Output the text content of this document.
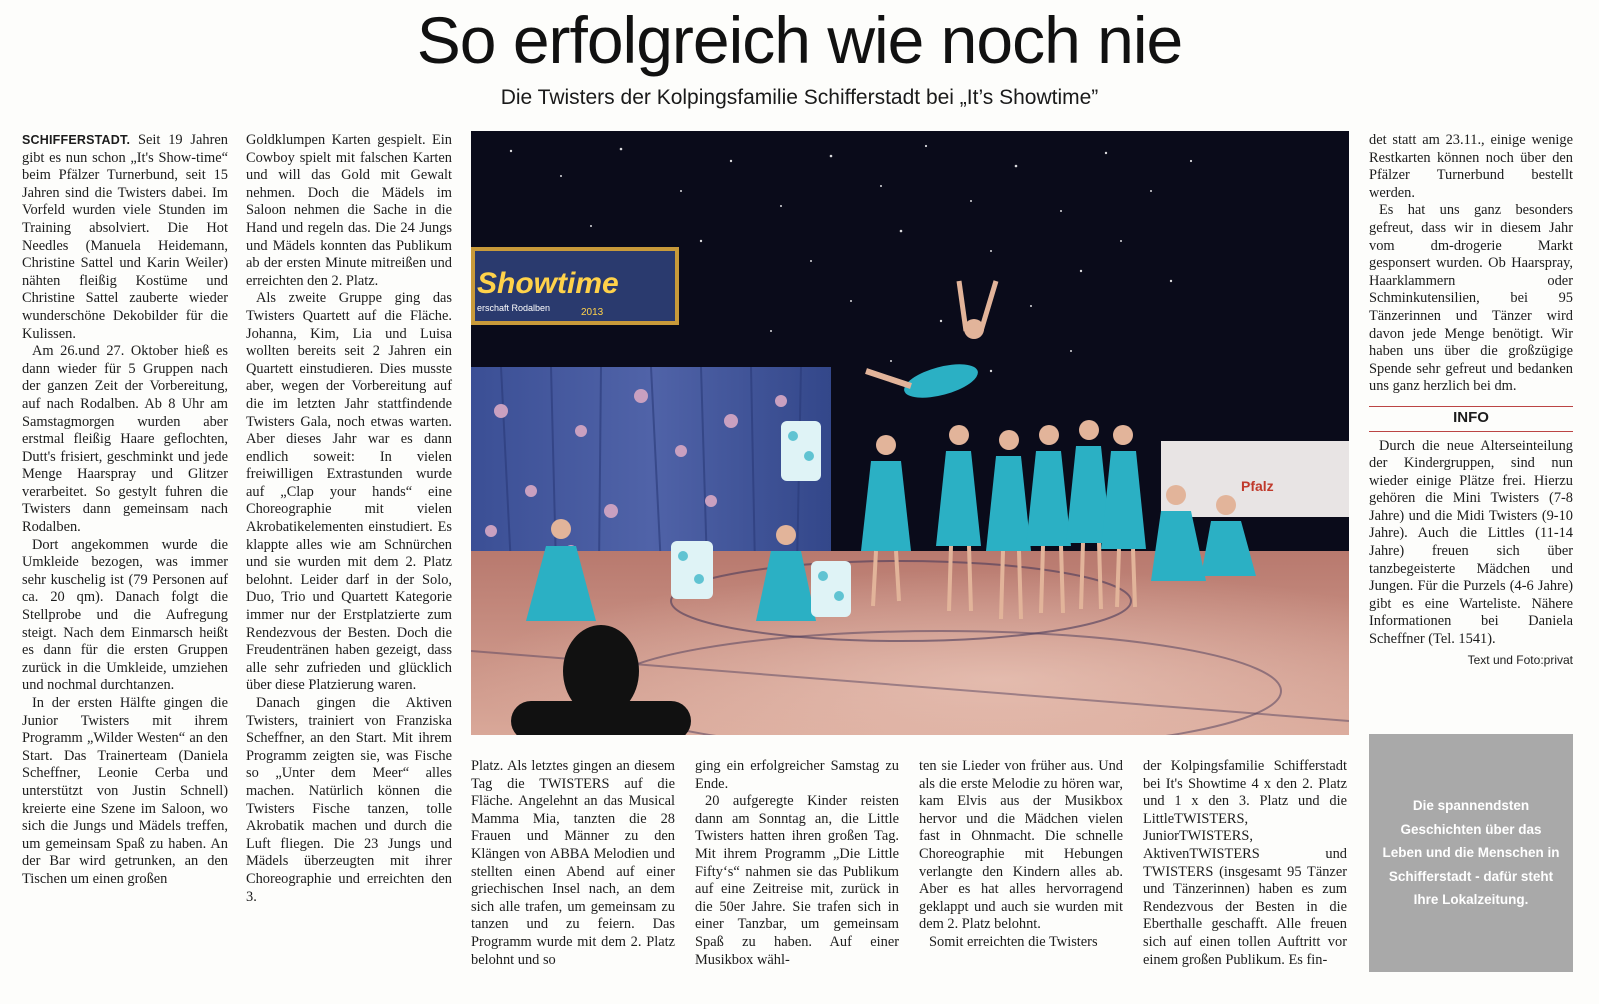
So erfolgreich wie noch nie
Die Twisters der Kolpingsfamilie Schifferstadt bei „It’s Showtime”

SCHIFFERSTADT. Seit 19 Jahren gibt es nun schon „It's Show-time“ beim Pfälzer Turnerbund, seit 15 Jahren sind die Twisters dabei. Im Vorfeld wurden viele Stunden im Training absolviert. Die Hot Needles (Manuela Heidemann, Christine Sattel und Karin Weiler) nähten fleißig Kostüme und Christine Sattel zauberte wieder wunderschöne Dekobilder für die Kulissen.

Am 26.und 27. Oktober hieß es dann wieder für 5 Gruppen nach der ganzen Zeit der Vorbereitung, auf nach Rodalben. Ab 8 Uhr am Samstagmorgen wurden aber erstmal fleißig Haare geflochten, Dutt's frisiert, geschminkt und jede Menge Haarspray und Glitzer verarbeitet. So gestylt fuhren die Twisters dann gemeinsam nach Rodalben.

Dort angekommen wurde die Umkleide bezogen, was immer sehr kuschelig ist (79 Personen auf ca. 20 qm). Danach folgt die Stellprobe und die Aufregung steigt. Nach dem Einmarsch heißt es dann für die ersten Gruppen zurück in die Umkleide, umziehen und nochmal durchtanzen.

In der ersten Hälfte gingen die Junior Twisters mit ihrem Programm „Wilder Westen“ an den Start. Das Trainerteam (Daniela Scheffner, Leonie Cerba und unterstützt von Justin Schnell) kreierte eine Szene im Saloon, wo sich die Jungs und Mädels treffen, um gemeinsam Spaß zu haben. An der Bar wird getrunken, an den Tischen um einen großen

Goldklumpen Karten gespielt. Ein Cowboy spielt mit falschen Karten und will das Gold mit Gewalt nehmen. Doch die Mädels im Saloon nehmen die Sache in die Hand und regeln das. Die 24 Jungs und Mädels konnten das Publikum ab der ersten Minute mitreißen und erreichten den 2. Platz.

Als zweite Gruppe ging das Twisters Quartett auf die Fläche. Johanna, Kim, Lia und Luisa wollten bereits seit 2 Jahren ein Quartett einstudieren. Dies musste aber, wegen der Vorbereitung auf die im letzten Jahr stattfindende Twisters Gala, noch etwas warten. Aber dieses Jahr war es dann endlich soweit: In vielen freiwilligen Extrastunden wurde auf „Clap your hands“ eine Choreographie mit vielen Akrobatikelementen einstudiert. Es klappte alles wie am Schnürchen und sie wurden mit dem 2. Platz belohnt. Leider darf in der Solo, Duo, Trio und Quartett Kategorie immer nur der Erstplatzierte zum Rendezvous der Besten. Doch die Freudentränen haben gezeigt, dass alle sehr zufrieden und glücklich über diese Platzierung waren.

Danach gingen die Aktiven Twisters, trainiert von Franziska Scheffner, an den Start. Mit ihrem Programm zeigten sie, was Fische so „Unter dem Meer“ alles machen. Natürlich können die Twisters Fische tanzen, tolle Akrobatik machen und durch die Luft fliegen. Die 23 Jungs und Mädels überzeugten mit ihrer Choreographie und erreichten den 3.

Showtime
erschaft Rodalben	2013
Pfalz

Platz. Als letztes gingen an diesem Tag die TWISTERS auf die Fläche. Angelehnt an das Musical Mamma Mia, tanzten die 28 Frauen und Männer zu den Klängen von ABBA Melodien und stellten einen Abend auf einer griechischen Insel nach, an dem sich alle trafen, um gemeinsam zu tanzen und zu feiern. Das Programm wurde mit dem 2. Platz belohnt und so

ging ein erfolgreicher Samstag zu Ende.

20 aufgeregte Kinder reisten dann am Sonntag an, die Little Twisters hatten ihren großen Tag. Mit ihrem Programm „Die Little Fifty‘s“ nahmen sie das Publikum auf eine Zeitreise mit, zurück in die 50er Jahre. Sie trafen sich in einer Tanzbar, um gemeinsam Spaß zu haben. Auf einer Musikbox wähl-

ten sie Lieder von früher aus. Und als die erste Melodie zu hören war, kam Elvis aus der Musikbox hervor und die Mädchen vielen fast in Ohnmacht. Die schnelle Choreographie mit Hebungen verlangte den Kindern alles ab. Aber es hat alles hervorragend geklappt und auch sie wurden mit dem 2. Platz belohnt.

Somit erreichten die Twisters

der Kolpingsfamilie Schifferstadt bei It's Showtime 4 x den 2. Platz und 1 x den 3. Platz und die LittleTWISTERS, JuniorTWISTERS, AktivenTWISTERS und TWISTERS (insgesamt 95 Tänzer und Tänzerinnen) haben es zum Rendezvous der Besten in die Eberthalle geschafft. Alle freuen sich auf einen tollen Auftritt vor einem großen Publikum. Es fin-

det statt am 23.11., einige wenige Restkarten können noch über den Pfälzer Turnerbund bestellt werden.

Es hat uns ganz besonders gefreut, dass wir in diesem Jahr vom dm-drogerie Markt gesponsert wurden. Ob Haarspray, Haarklammern oder Schminkutensilien, bei 95 Tänzerinnen und Tänzer wird davon jede Menge benötigt. Wir haben uns über die großzügige Spende sehr gefreut und bedanken uns ganz herzlich bei dm.

INFO

Durch die neue Alterseinteilung der Kindergruppen, sind nun wieder einige Plätze frei. Hierzu gehören die Mini Twisters (7-8 Jahre) und die Midi Twisters (9-10 Jahre). Auch die Littles (11-14 Jahre) freuen sich über tanzbegeisterte Mädchen und Jungen. Für die Purzels (4-6 Jahre) gibt es eine Warteliste. Nähere Informationen bei Daniela Scheffner (Tel. 1541).

Text und Foto:privat
Die spannendsten Geschichten über das Leben und die Menschen in Schifferstadt - dafür steht Ihre Lokalzeitung.
